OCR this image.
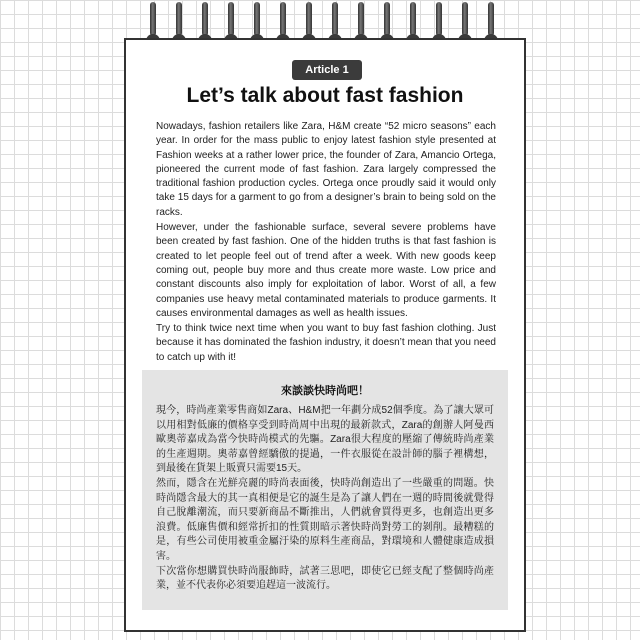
Article 1
Let’s talk about fast fashion

Nowadays, fashion retailers like Zara, H&M create “52 micro seasons” each year. In order for the mass public to enjoy latest fashion style presented at Fashion weeks at a rather lower price, the founder of Zara, Amancio Ortega, pioneered the current mode of fast fashion. Zara largely compressed the traditional fashion production cycles. Ortega once proudly said it would only take 15 days for a garment to go from a designer’s brain to being sold on the racks.

However, under the fashionable surface, several severe problems have been created by fast fashion. One of the hidden truths is that fast fashion is created to let people feel out of trend after a week. With new goods keep coming out, people buy more and thus create more waste. Low price and constant discounts also imply for exploitation of labor. Worst of all, a few companies use heavy metal contaminated materials to produce garments. It causes environmental damages as well as health issues.

Try to think twice next time when you want to buy fast fashion clothing. Just because it has dominated the fashion industry, it doesn’t mean that you need to catch up with it!

來談談快時尚吧！

現今，時尚產業零售商如Zara、H&M把一年劃分成52個季度。為了讓大眾可以用相對低廉的價格享受到時尚周中出現的最新款式，Zara的創辦人阿曼西歐奧蒂嘉成為當今快時尚模式的先驅。Zara很大程度的壓縮了傳統時尚產業的生產週期。奧蒂嘉曾經驕傲的提過，一件衣服從在設計師的腦子裡構想，到最後在貨架上販賣只需要15天。

然而，隱含在光鮮亮麗的時尚表面後，快時尚創造出了一些嚴重的問題。快時尚隱含最大的其一真相便是它的誕生是為了讓人們在一週的時間後就覺得自己脫離潮流，而只要新商品不斷推出，人們就會買得更多，也創造出更多浪費。低廉售價和經常折扣的性質則暗示著快時尚對勞工的剝削。最糟糕的是，有些公司使用被重金屬汙染的原料生產商品，對環境和人體健康造成損害。

下次當你想購買快時尚服飾時，試著三思吧，即使它已經支配了整個時尚產業，並不代表你必須要追趕這一波流行。
